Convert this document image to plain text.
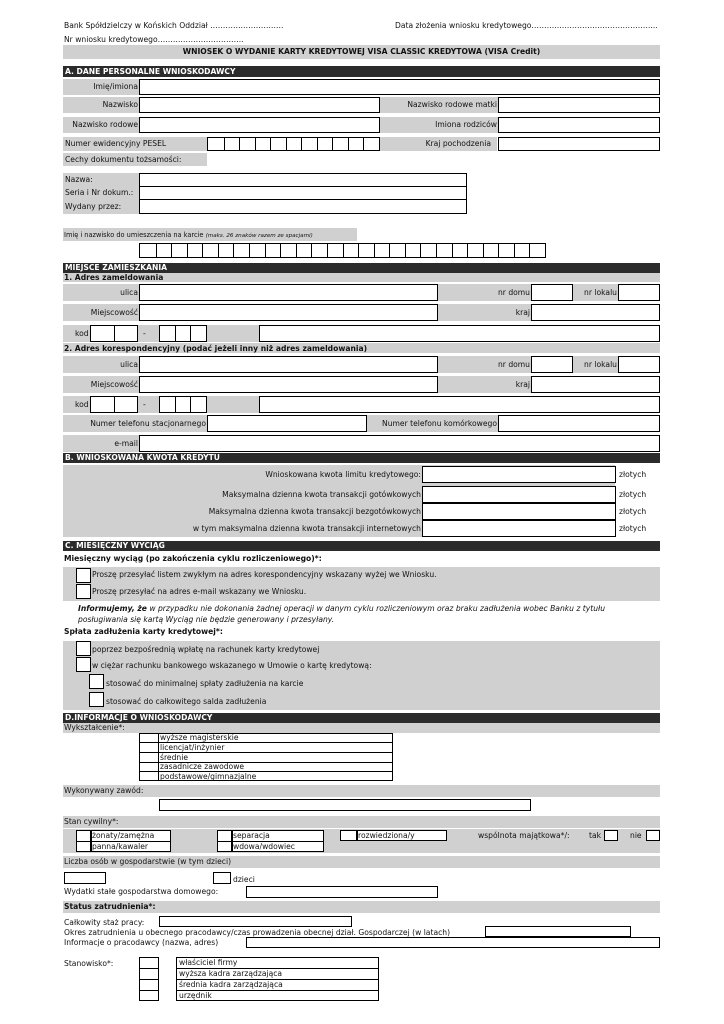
Bank Spółdzielczy w Końskich Oddział ………………………..	Data złożenia wniosku kredytowego…………………………………………..
Nr wniosku kredytowego…………………………….
WNIOSEK O WYDANIE KARTY KREDYTOWEJ VISA CLASSIC KREDYTOWA (VISA Credit)
A. DANE PERSONALNE WNIOSKODAWCY
Imię/imiona
Nazwisko	Nazwisko rodowe matki
Nazwisko rodowe	Imiona rodziców
Numer ewidencyjny PESEL	Kraj pochodzenia
Cechy dokumentu tożsamości:
Nazwa:
Seria i Nr dokum.:
Wydany przez:
Imię i nazwisko do umieszczenia na karcie (maks. 26 znaków razem ze spacjami)
MIEJSCE ZAMIESZKANIA
1. Adres zameldowania
ulica	nr domu	nr lokalu
Miejscowość	kraj
kod	-
2. Adres korespondencyjny (podać jeżeli inny niż adres zameldowania)
ulica	nr domu	nr lokalu
Miejscowość	kraj
kod	-
Numer telefonu stacjonarnego	Numer telefonu komórkowego
e-mail
B. WNIOSKOWANA KWOTA KREDYTU
Wnioskowana kwota limitu kredytowego:	złotych
Maksymalna dzienna kwota transakcji gotówkowych	złotych
Maksymalna dzienna kwota transakcji bezgotówkowych	złotych
w tym maksymalna dzienna kwota transakcji internetowych	złotych
C. MIESIĘCZNY WYCIĄG
Miesięczny wyciąg (po zakończenia cyklu rozliczeniowego)*:
Proszę przesyłać listem zwykłym na adres korespondencyjny wskazany wyżej we Wniosku.
Proszę przesyłać na adres e-mail wskazany we Wniosku.
Informujemy, że w przypadku nie dokonania żadnej operacji w danym cyklu rozliczeniowym oraz braku zadłużenia wobec Banku z tytułu
posługiwania się kartą Wyciąg nie będzie generowany i przesyłany.
Spłata zadłużenia karty kredytowej*:
poprzez bezpośrednią wpłatę na rachunek karty kredytowej
w ciężar rachunku bankowego wskazanego w Umowie o kartę kredytową:
stosować do minimalnej spłaty zadłużenia na karcie
stosować do całkowitego salda zadłużenia
D.INFORMACJE O WNIOSKODAWCY
Wykształcenie*:
wyższe magisterskie
licencjat/inżynier
średnie
zasadnicze zawodowe
podstawowe/gimnazjalne
Wykonywany zawód:
Stan cywilny*:
żonaty/zamężna
panna/kawaler
separacja
wdowa/wdowiec
rozwiedziona/y	wspólnota majątkowa*/:	tak	nie
Liczba osób w gospodarstwie (w tym dzieci)
dzieci
Wydatki stałe gospodarstwa domowego:
Status zatrudnienia*:
Całkowity staż pracy:
Okres zatrudnienia u obecnego pracodawcy/czas prowadzenia obecnej dział. Gospodarczej (w latach)
Informacje o pracodawcy (nazwa, adres)
Stanowisko*:	właściciel firmy
wyższa kadra zarządzająca
średnia kadra zarządzająca
urzędnik
